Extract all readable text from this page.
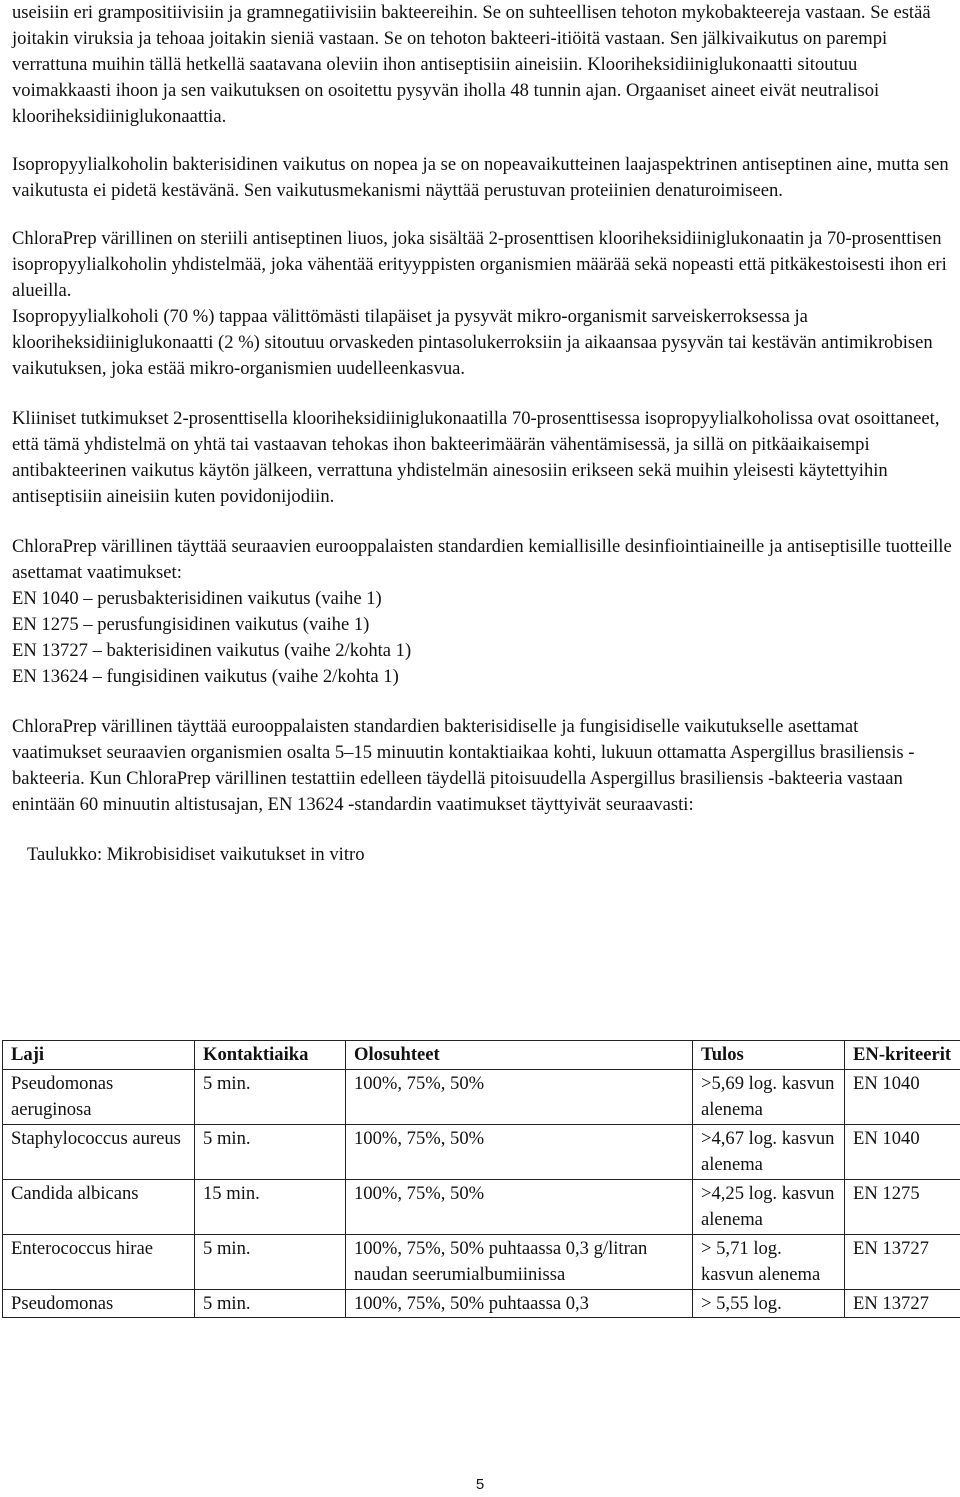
useisiin eri grampositiivisiin ja gramnegatiivisiin bakteereihin. Se on suhteellisen tehoton mykobakteereja vastaan. Se estää joitakin viruksia ja tehoaa joitakin sieniä vastaan. Se on tehoton bakteeri-itiöitä vastaan. Sen jälkivaikutus on parempi verrattuna muihin tällä hetkellä saatavana oleviin ihon antiseptisiin aineisiin. Klooriheksidiiniglukonaatti sitoutuu voimakkaasti ihoon ja sen vaikutuksen on osoitettu pysyvän iholla 48 tunnin ajan. Orgaaniset aineet eivät neutralisoi klooriheksidiiniglukonaattia.

Isopropyylialkoholin bakterisidinen vaikutus on nopea ja se on nopeavaikutteinen laajaspektrinen antiseptinen aine, mutta sen vaikutusta ei pidetä kestävänä. Sen vaikutusmekanismi näyttää perustuvan proteiinien denaturoimiseen.

ChloraPrep värillinen on steriili antiseptinen liuos, joka sisältää 2-prosenttisen klooriheksidiiniglukonaatin ja 70-prosenttisen isopropyylialkoholin yhdistelmää, joka vähentää erityyppisten organismien määrää sekä nopeasti että pitkäkestoisesti ihon eri alueilla.

Isopropyylialkoholi (70 %) tappaa välittömästi tilapäiset ja pysyvät mikro-organismit sarveiskerroksessa ja klooriheksidiiniglukonaatti (2 %) sitoutuu orvaskeden pintasolukerroksiin ja aikaansaa pysyvän tai kestävän antimikrobisen vaikutuksen, joka estää mikro-organismien uudelleenkasvua.

Kliiniset tutkimukset 2-prosenttisella klooriheksidiiniglukonaatilla 70-prosenttisessa isopropyylialkoholissa ovat osoittaneet, että tämä yhdistelmä on yhtä tai vastaavan tehokas ihon bakteerimäärän vähentämisessä, ja sillä on pitkäaikaisempi antibakteerinen vaikutus käytön jälkeen, verrattuna yhdistelmän ainesosiin erikseen sekä muihin yleisesti käytettyihin antiseptisiin aineisiin kuten povidonijodiin.

ChloraPrep värillinen täyttää seuraavien eurooppalaisten standardien kemiallisille desinfiointiaineille ja antiseptisille tuotteille asettamat vaatimukset:

EN 1040 – perusbakterisidinen vaikutus (vaihe 1)
EN 1275 – perusfungisidinen vaikutus (vaihe 1)
EN 13727 – bakterisidinen vaikutus (vaihe 2/kohta 1)
EN 13624 – fungisidinen vaikutus (vaihe 2/kohta 1)

ChloraPrep värillinen täyttää eurooppalaisten standardien bakterisidiselle ja fungisidiselle vaikutukselle asettamat vaatimukset seuraavien organismien osalta 5–15 minuutin kontaktiaikaa kohti, lukuun ottamatta Aspergillus brasiliensis -bakteeria. Kun ChloraPrep värillinen testattiin edelleen täydellä pitoisuudella Aspergillus brasiliensis -bakteeria vastaan enintään 60 minuutin altistusajan, EN 13624 -standardin vaatimukset täyttyivät seuraavasti:

Taulukko: Mikrobisidiset vaikutukset in vitro

Laji	Kontaktiaika	Olosuhteet	Tulos	EN-kriteerit
Pseudomonas aeruginosa	5 min.	100%, 75%, 50%	>5,69 log. kasvun alenema	EN 1040
Staphylococcus aureus	5 min.	100%, 75%, 50%	>4,67 log. kasvun alenema	EN 1040
Candida albicans	15 min.	100%, 75%, 50%	>4,25 log. kasvun alenema	EN 1275
Enterococcus hirae	5 min.	100%, 75%, 50% puhtaassa 0,3 g/litran naudan seerumialbumiinissa	> 5,71 log. kasvun alenema	EN 13727
Pseudomonas	5 min.	100%, 75%, 50% puhtaassa 0,3	> 5,55 log.	EN 13727
5
